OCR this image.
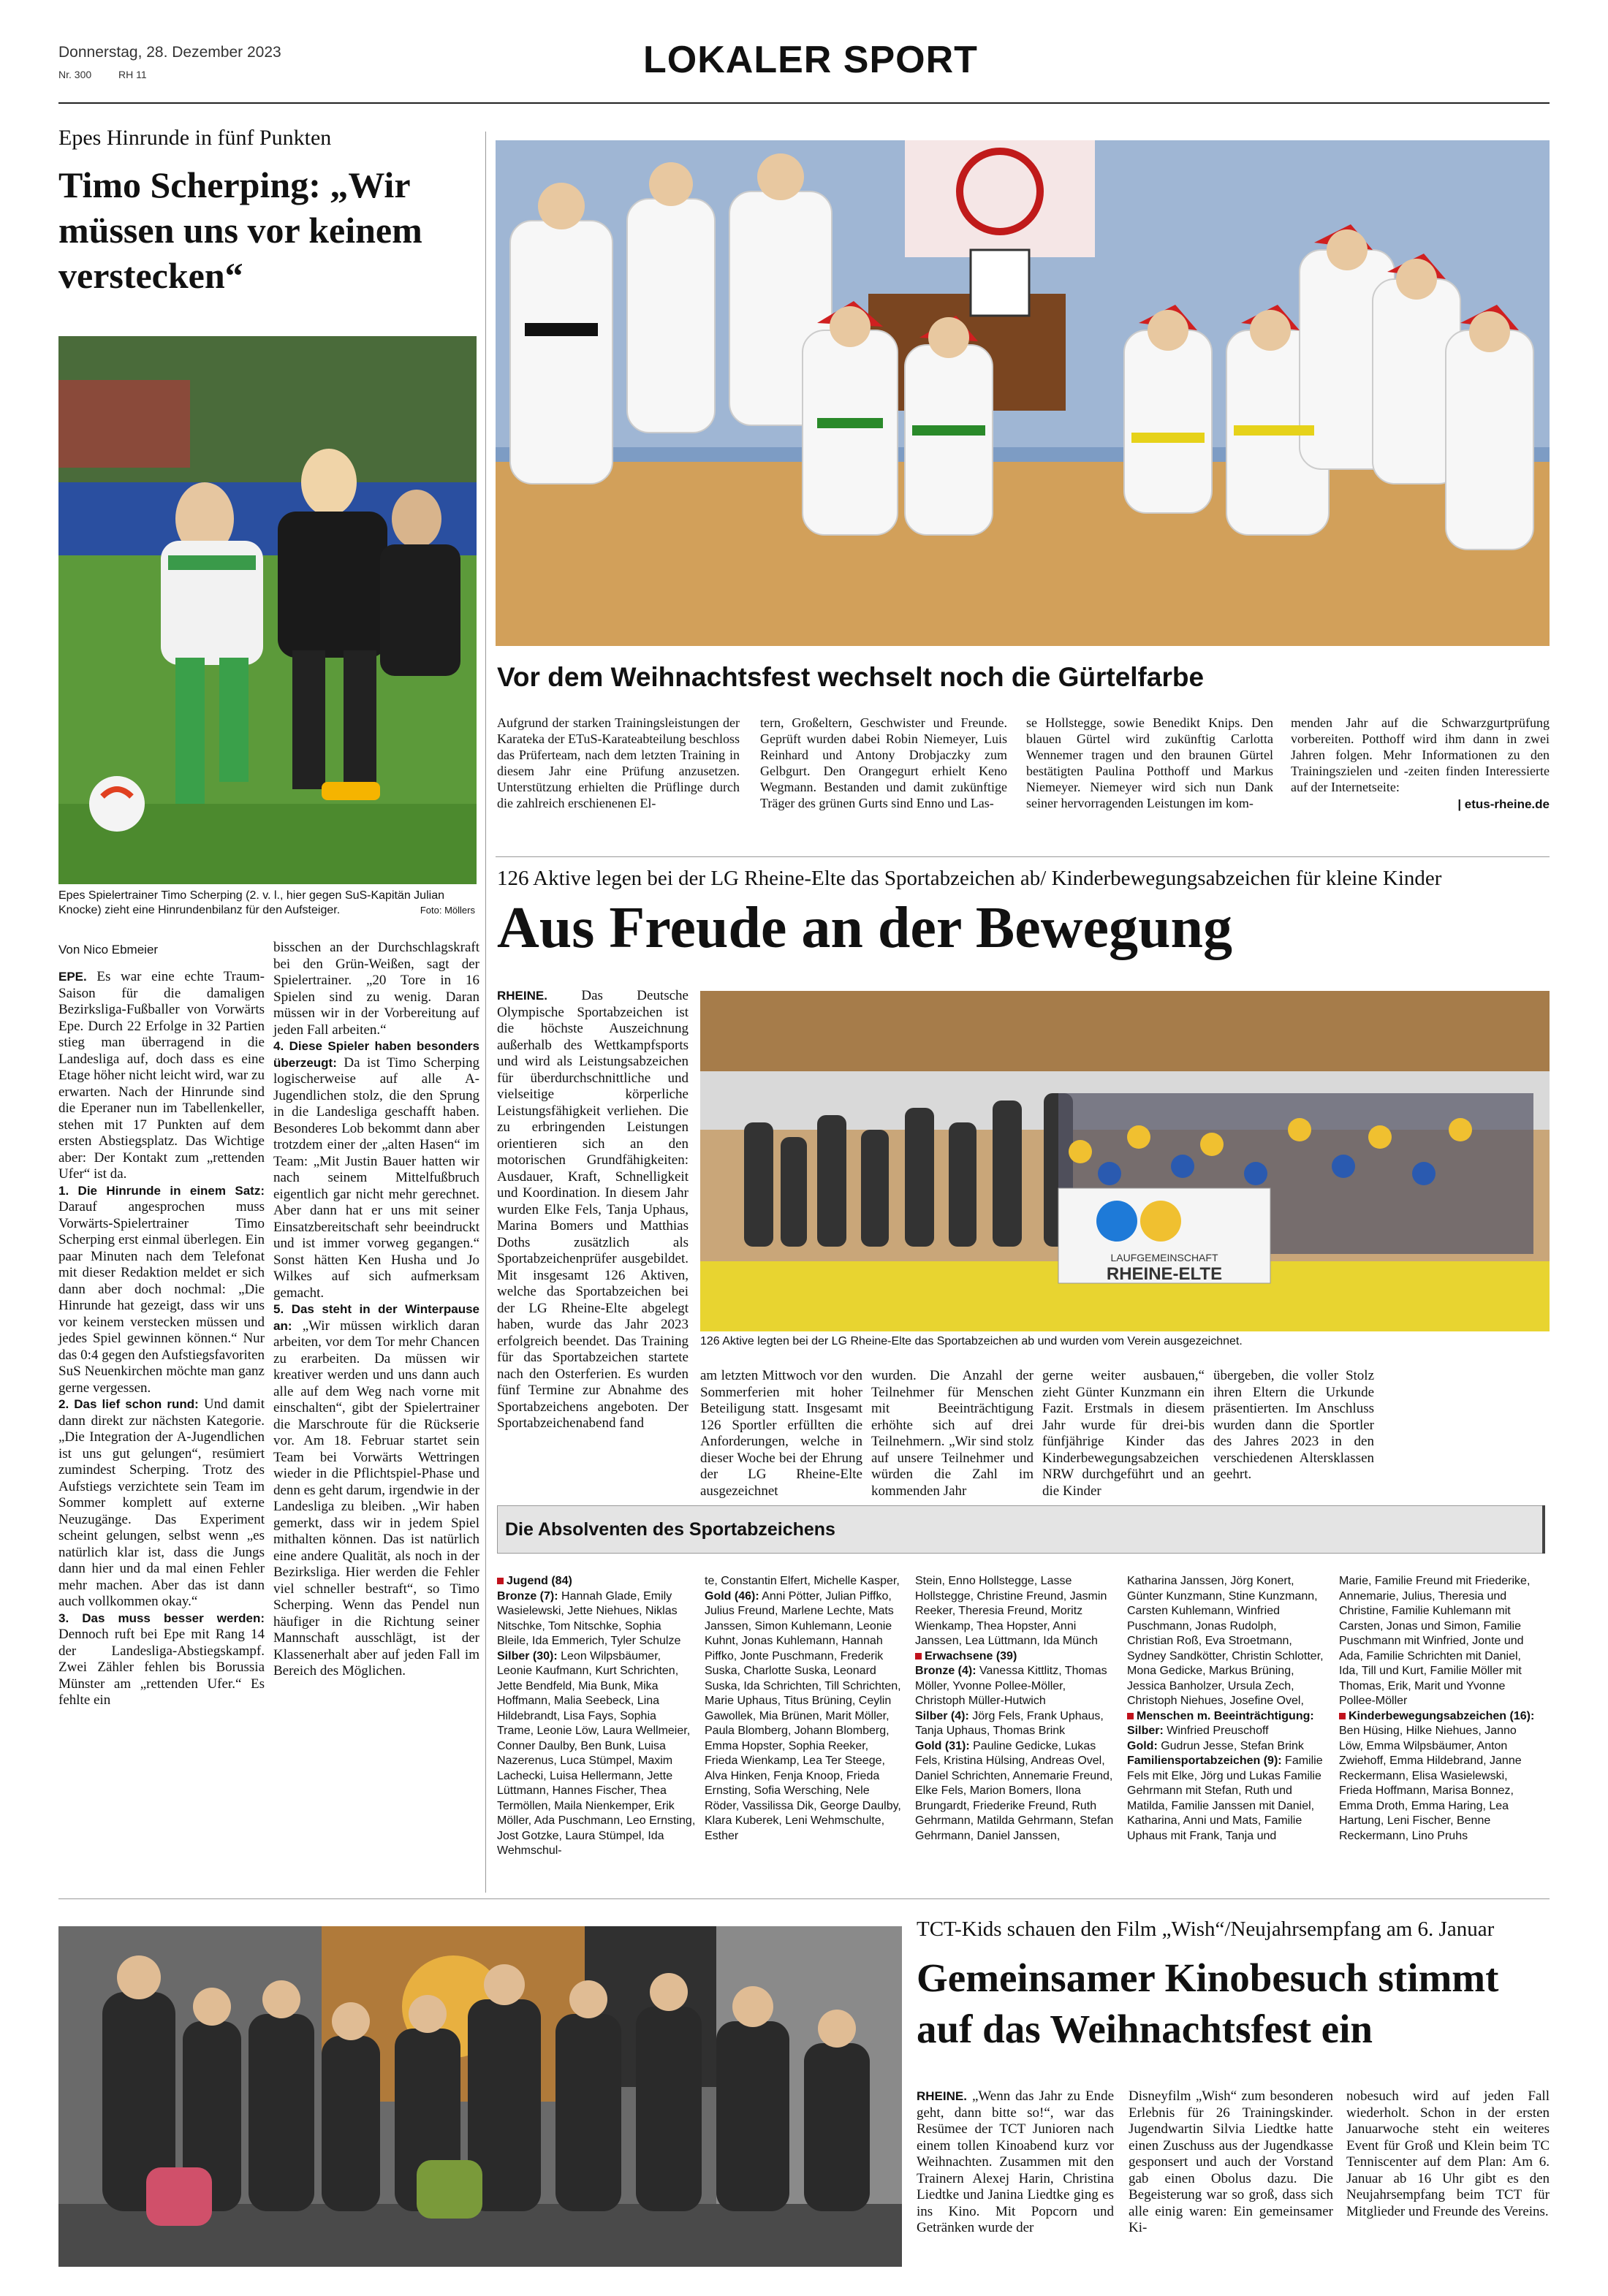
Donnerstag, 28. Dezember 2023
Nr. 300	RH 11	LOKALER SPORT
Epes Hinrunde in fünf Punkten
Timo Scherping: „Wir müssen uns vor keinem verstecken“
Epes Spielertrainer Timo Scherping (2. v. l., hier gegen SuS-Kapitän Julian Knocke) zieht eine Hinrundenbilanz für den Aufsteiger.	Foto: Möllers
Von Nico Ebmeier

EPE. Es war eine echte Traum-Saison für die damaligen Bezirksliga-Fußballer von Vorwärts Epe. Durch 22 Erfolge in 32 Partien stieg man überragend in die Landesliga auf, doch dass es eine Etage höher nicht leicht wird, war zu erwarten. Nach der Hinrunde sind die Eperaner nun im Tabellenkeller, stehen mit 17 Punkten auf dem ersten Abstiegsplatz. Das Wichtige aber: Der Kontakt zum „rettenden Ufer“ ist da.

1. Die Hinrunde in einem Satz: Darauf angesprochen muss Vorwärts-Spielertrainer Timo Scherping erst einmal überlegen. Ein paar Minuten nach dem Telefonat mit dieser Redaktion meldet er sich dann aber doch nochmal: „Die Hinrunde hat gezeigt, dass wir uns vor keinem verstecken müssen und jedes Spiel gewinnen können.“ Nur das 0:4 gegen den Aufstiegsfavoriten SuS Neuenkirchen möchte man ganz gerne vergessen.

2. Das lief schon rund: Und damit dann direkt zur nächsten Kategorie. „Die Integration der A-Jugendlichen ist uns gut gelungen“, resümiert zumindest Scherping. Trotz des Aufstiegs verzichtete sein Team im Sommer komplett auf externe Neuzugänge. Das Experiment scheint gelungen, selbst wenn „es natürlich klar ist, dass die Jungs dann hier und da mal einen Fehler mehr machen. Aber das ist dann auch vollkommen okay.“

3. Das muss besser werden: Dennoch ruft bei Epe mit Rang 14 der Landesliga-Abstiegskampf. Zwei Zähler fehlen bis Borussia Münster am „rettenden Ufer.“ Es fehlte ein

bisschen an der Durchschlagskraft bei den Grün-Weißen, sagt der Spielertrainer. „20 Tore in 16 Spielen sind zu wenig. Daran müssen wir in der Vorbereitung auf jeden Fall arbeiten.“

4. Diese Spieler haben besonders überzeugt: Da ist Timo Scherping logischerweise auf alle A-Jugendlichen stolz, die den Sprung in die Landesliga geschafft haben. Besonderes Lob bekommt dann aber trotzdem einer der „alten Hasen“ im Team: „Mit Justin Bauer hatten wir nach seinem Mittelfußbruch eigentlich gar nicht mehr gerechnet. Aber dann hat er uns mit seiner Einsatzbereitschaft sehr beeindruckt und ist immer vorweg gegangen.“ Sonst hätten Ken Husha und Jo Wilkes auf sich aufmerksam gemacht.

5. Das steht in der Winterpause an: „Wir müssen wirklich daran arbeiten, vor dem Tor mehr Chancen zu erarbeiten. Da müssen wir kreativer werden und uns dann auch alle auf dem Weg nach vorne mit einschalten“, gibt der Spielertrainer die Marschroute für die Rückserie vor. Am 18. Februar startet sein Team bei Vorwärts Wettringen wieder in die Pflichtspiel-Phase und denn es geht darum, irgendwie in der Landesliga zu bleiben. „Wir haben gemerkt, dass wir in jedem Spiel mithalten können. Das ist natürlich eine andere Qualität, als noch in der Bezirksliga. Hier werden die Fehler viel schneller bestraft“, so Timo Scherping. Wenn das Pendel nun häufiger in die Richtung seiner Mannschaft ausschlägt, ist der Klassenerhalt aber auf jeden Fall im Bereich des Möglichen.

Vor dem Weihnachtsfest wechselt noch die Gürtelfarbe
Aufgrund der starken Trainingsleistungen der Karateka der ETuS-Karateabteilung beschloss das Prüferteam, nach dem letzten Training in diesem Jahr eine Prüfung anzusetzen. Unterstützung erhielten die Prüflinge durch die zahlreich erschienenen El-
tern, Großeltern, Geschwister und Freunde. Geprüft wurden dabei Robin Niemeyer, Luis Reinhard und Antony Drobjaczky zum Gelbgurt. Den Orangegurt erhielt Keno Wegmann. Bestanden und damit zukünftige Träger des grünen Gurts sind Enno und Las-
se Hollstegge, sowie Benedikt Knips. Den blauen Gürtel wird zukünftig Carlotta Wennemer tragen und den braunen Gürtel bestätigten Paulina Potthoff und Markus Niemeyer. Niemeyer wird sich nun Dank seiner hervorragenden Leistungen im kom-
menden Jahr auf die Schwarzgurtprüfung vorbereiten. Potthoff wird ihm dann in zwei Jahren folgen. Mehr Informationen zu den Trainingszielen und -zeiten finden Interessierte auf der Internetseite:
| etus-rheine.de
126 Aktive legen bei der LG Rheine-Elte das Sportabzeichen ab/ Kinderbewegungsabzeichen für kleine Kinder
Aus Freude an der Bewegung
RHEINE. Das Deutsche Olympische Sportabzeichen ist die höchste Auszeichnung außerhalb des Wettkampfsports und wird als Leistungsabzeichen für überdurchschnittliche und vielseitige körperliche Leistungsfähigkeit verliehen. Die zu erbringenden Leistungen orientieren sich an den motorischen Grundfähigkeiten: Ausdauer, Kraft, Schnelligkeit und Koordination. In diesem Jahr wurden Elke Fels, Tanja Uphaus, Marina Bomers und Matthias Doths zusätzlich als Sportabzeichenprüfer ausgebildet. Mit insgesamt 126 Aktiven, welche das Sportabzeichen bei der LG Rheine-Elte abgelegt haben, wurde das Jahr 2023 erfolgreich beendet. Das Training für das Sportabzeichen startete nach den Osterferien. Es wurden fünf Termine zur Abnahme des Sportabzeichens angeboten. Der Sportabzeichenabend fand
LAUFGEMEINSCHAFT
RHEINE-ELTE
126 Aktive legten bei der LG Rheine-Elte das Sportabzeichen ab und wurden vom Verein ausgezeichnet.
am letzten Mittwoch vor den Sommerferien mit hoher Beteiligung statt. Insgesamt 126 Sportler erfüllten die Anforderungen, welche in dieser Woche bei der Ehrung der LG Rheine-Elte ausgezeichnet
wurden. Die Anzahl der Teilnehmer für Menschen mit Beeinträchtigung erhöhte sich auf drei Teilnehmern. „Wir sind stolz auf unsere Teilnehmer und würden die Zahl im kommenden Jahr
gerne weiter ausbauen,“ zieht Günter Kunzmann ein Fazit. Erstmals in diesem Jahr wurde für drei-bis fünfjährige Kinder das Kinderbewegungsabzeichen NRW durchgeführt und an die Kinder
übergeben, die voller Stolz ihren Eltern die Urkunde präsentierten. Im Anschluss wurden dann die Sportler des Jahres 2023 in den verschiedenen Altersklassen geehrt.
Die Absolventen des Sportabzeichens
Jugend (84)
Bronze (7): Hannah Glade, Emily Wasielewski, Jette Niehues, Niklas Nitschke, Tom Nitschke, Sophia Bleile, Ida Emmerich, Tyler Schulze
Silber (30): Leon Wilpsbäumer, Leonie Kaufmann, Kurt Schrichten, Jette Bendfeld, Mia Bunk, Mika Hoffmann, Malia Seebeck, Lina Hildebrandt, Lisa Fays, Sophia Trame, Leonie Löw, Laura Wellmeier, Conner Daulby, Ben Bunk, Luisa Nazerenus, Luca Stümpel, Maxim Lachecki, Luisa Hellermann, Jette Lüttmann, Hannes Fischer, Thea Termöllen, Maila Nienkemper, Erik Möller, Ada Puschmann, Leo Ernsting, Jost Gotzke, Laura Stümpel, Ida Wehmschul-
te, Constantin Elfert, Michelle Kasper,
Gold (46): Anni Pötter, Julian Piffko, Julius Freund, Marlene Lechte, Mats Janssen, Simon Kuhlemann, Leonie Kuhnt, Jonas Kuhlemann, Hannah Piffko, Jonte Puschmann, Frederik Suska, Charlotte Suska, Leonard Suska, Ida Schrichten, Till Schrichten, Marie Uphaus, Titus Brüning, Ceylin Gawollek, Mia Brünen, Marit Möller, Paula Blomberg, Johann Blomberg, Emma Hopster, Sophia Reeker, Frieda Wienkamp, Lea Ter Steege, Alva Hinken, Fenja Knoop, Frieda Ernsting, Sofia Wersching, Nele Röder, Vassilissa Dik, George Daulby, Klara Kuberek, Leni Wehmschulte, Esther
Stein, Enno Hollstegge, Lasse Hollstegge, Christine Freund, Jasmin Reeker, Theresia Freund, Moritz Wienkamp, Thea Hopster, Anni Janssen, Lea Lüttmann, Ida Münch
Erwachsene (39)
Bronze (4): Vanessa Kittlitz, Thomas Möller, Yvonne Pollee-Möller, Christoph Müller-Hutwich
Silber (4): Jörg Fels, Frank Uphaus, Tanja Uphaus, Thomas Brink
Gold (31): Pauline Gedicke, Lukas Fels, Kristina Hülsing, Andreas Ovel, Daniel Schrichten, Annemarie Freund, Elke Fels, Marion Bomers, Ilona Brungardt, Friederike Freund, Ruth Gehrmann, Matilda Gehrmann, Stefan Gehrmann, Daniel Janssen,
Katharina Janssen, Jörg Konert, Günter Kunzmann, Stine Kunzmann, Carsten Kuhlemann, Winfried Puschmann, Jonas Rudolph, Christian Roß, Eva Stroetmann, Sydney Sandkötter, Christin Schlotter, Mona Gedicke, Markus Brüning, Jessica Banholzer, Ursula Zech, Christoph Niehues, Josefine Ovel,
Menschen m. Beeinträchtigung:
Silber: Winfried Preuschoff
Gold: Gudrun Jesse, Stefan Brink
Familiensportabzeichen (9): Familie Fels mit Elke, Jörg und Lukas Familie Gehrmann mit Stefan, Ruth und Matilda, Familie Janssen mit Daniel, Katharina, Anni und Mats, Familie Uphaus mit Frank, Tanja und
Marie, Familie Freund mit Friederike, Annemarie, Julius, Theresia und Christine, Familie Kuhlemann mit Carsten, Jonas und Simon, Familie Puschmann mit Winfried, Jonte und Ada, Familie Schrichten mit Daniel, Ida, Till und Kurt, Familie Möller mit Thomas, Erik, Marit und Yvonne Pollee-Möller
Kinderbewegungsabzeichen (16): Ben Hüsing, Hilke Niehues, Janno Löw, Emma Wilpsbäumer, Anton Zwiehoff, Emma Hildebrand, Janne Reckermann, Elisa Wasielewski, Frieda Hoffmann, Marisa Bonnez, Emma Droth, Emma Haring, Lea Hartung, Leni Fischer, Benne Reckermann, Lino Pruhs
TCT-Kids schauen den Film „Wish“/Neujahrsempfang am 6. Januar
Gemeinsamer Kinobesuch stimmt auf das Weihnachtsfest ein
RHEINE. „Wenn das Jahr zu Ende geht, dann bitte so!“, war das Resümee der TCT Junioren nach einem tollen Kinoabend kurz vor Weihnachten. Zusammen mit den Trainern Alexej Harin, Christina Liedtke und Janina Liedtke ging es ins Kino. Mit Popcorn und Getränken wurde der
Disneyfilm „Wish“ zum besonderen Erlebnis für 26 Trainingskinder. Jugendwartin Silvia Liedtke hatte einen Zuschuss aus der Jugendkasse gesponsert und auch der Vorstand gab einen Obolus dazu. Die Begeisterung war so groß, dass sich alle einig waren: Ein gemeinsamer Ki-
nobesuch wird auf jeden Fall wiederholt. Schon in der ersten Januarwoche steht ein weiteres Event für Groß und Klein beim TC Tenniscenter auf dem Plan: Am 6. Januar ab 16 Uhr gibt es den Neujahrsempfang beim TCT für Mitglieder und Freunde des Vereins.
